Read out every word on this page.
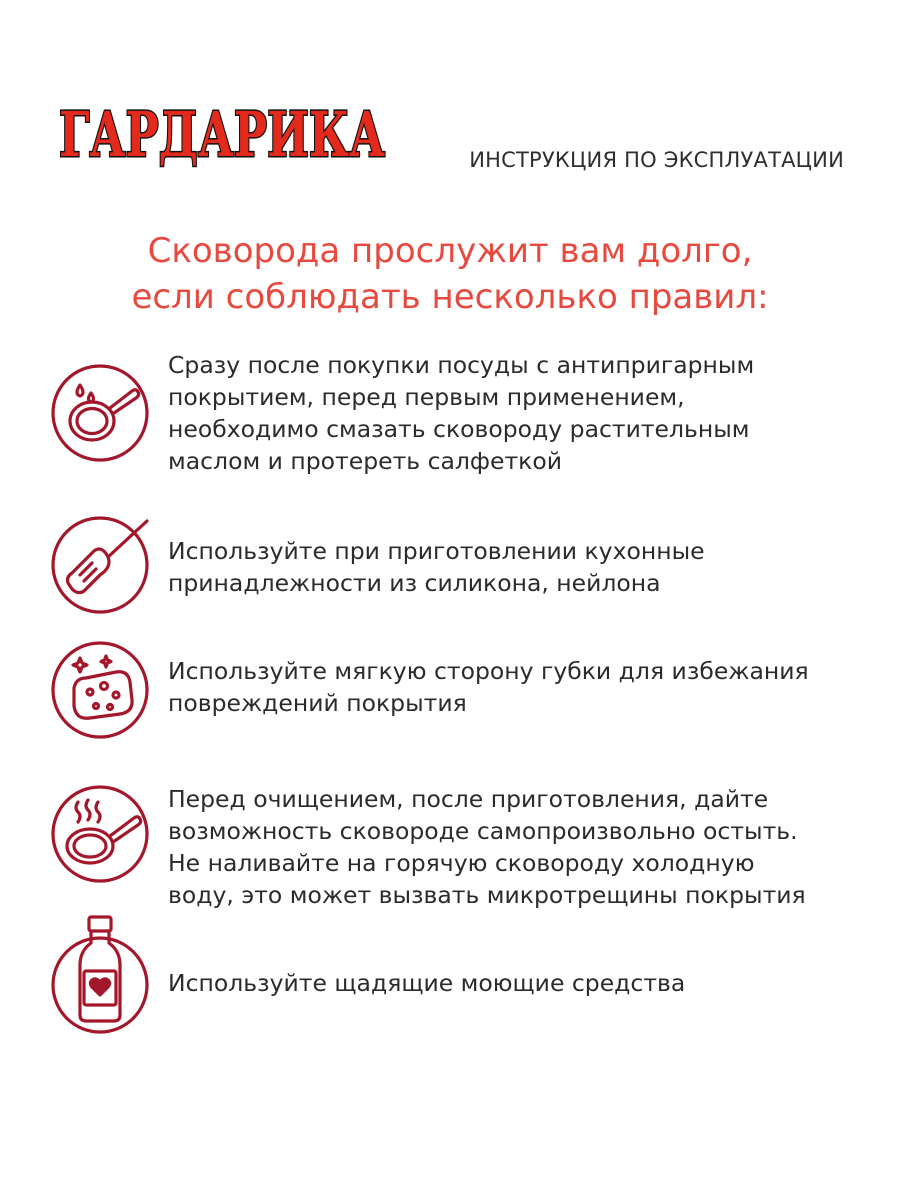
ГАРДАРИКА	ИНСТРУКЦИЯ ПО ЭКСПЛУАТАЦИИ
Сковорода прослужит вам долго,
если соблюдать несколько правил:
Сразу после покупки посуды с антипригарным
покрытием, перед первым применением,
необходимо смазать сковороду растительным
маслом и протереть салфеткой
Используйте при приготовлении кухонные
принадлежности из силикона, нейлона
Используйте мягкую сторону губки для избежания
повреждений покрытия
Перед очищением, после приготовления, дайте
возможность сковороде самопроизвольно остыть.
Не наливайте на горячую сковороду холодную
воду, это может вызвать микротрещины покрытия
Используйте щадящие моющие средства
